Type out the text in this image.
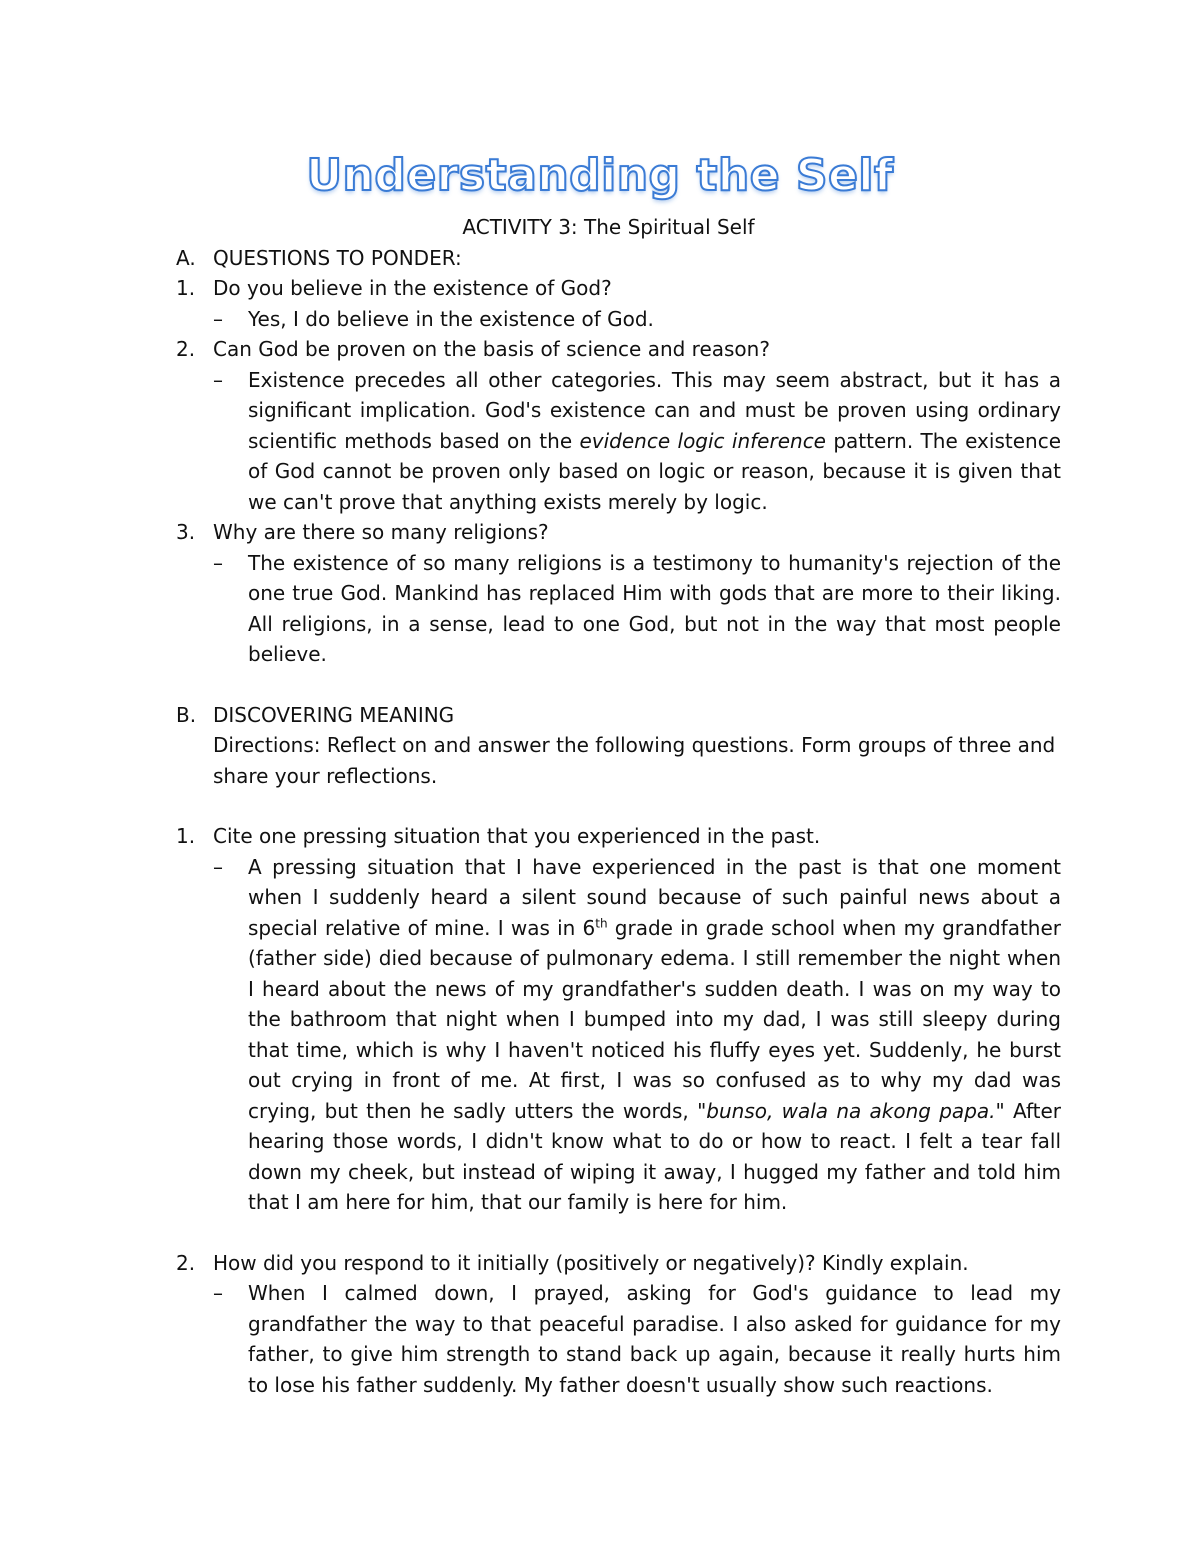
Understanding the Self
ACTIVITY 3: The Spiritual Self
A. QUESTIONS TO PONDER:
1. Do you believe in the existence of God?
– Yes, I do believe in the existence of God.
2. Can God be proven on the basis of science and reason?
– Existence precedes all other categories. This may seem abstract, but it has a significant implication. God's existence can and must be proven using ordinary scientific methods based on the evidence logic inference pattern. The existence of God cannot be proven only based on logic or reason, because it is given that we can't prove that anything exists merely by logic.
3. Why are there so many religions?
– The existence of so many religions is a testimony to humanity's rejection of the one true God. Mankind has replaced Him with gods that are more to their liking. All religions, in a sense, lead to one God, but not in the way that most people believe.
B. DISCOVERING MEANING
Directions: Reflect on and answer the following questions. Form groups of three and share your reflections.
1. Cite one pressing situation that you experienced in the past.
– A pressing situation that I have experienced in the past is that one moment when I suddenly heard a silent sound because of such painful news about a special relative of mine. I was in 6th grade in grade school when my grandfather (father side) died because of pulmonary edema. I still remember the night when I heard about the news of my grandfather's sudden death. I was on my way to the bathroom that night when I bumped into my dad, I was still sleepy during that time, which is why I haven't noticed his fluffy eyes yet. Suddenly, he burst out crying in front of me. At first, I was so confused as to why my dad was crying, but then he sadly utters the words, "bunso, wala na akong papa." After hearing those words, I didn't know what to do or how to react. I felt a tear fall down my cheek, but instead of wiping it away, I hugged my father and told him that I am here for him, that our family is here for him.
2. How did you respond to it initially (positively or negatively)? Kindly explain.
– When I calmed down, I prayed, asking for God's guidance to lead my grandfather the way to that peaceful paradise. I also asked for guidance for my father, to give him strength to stand back up again, because it really hurts him to lose his father suddenly. My father doesn't usually show such reactions.
